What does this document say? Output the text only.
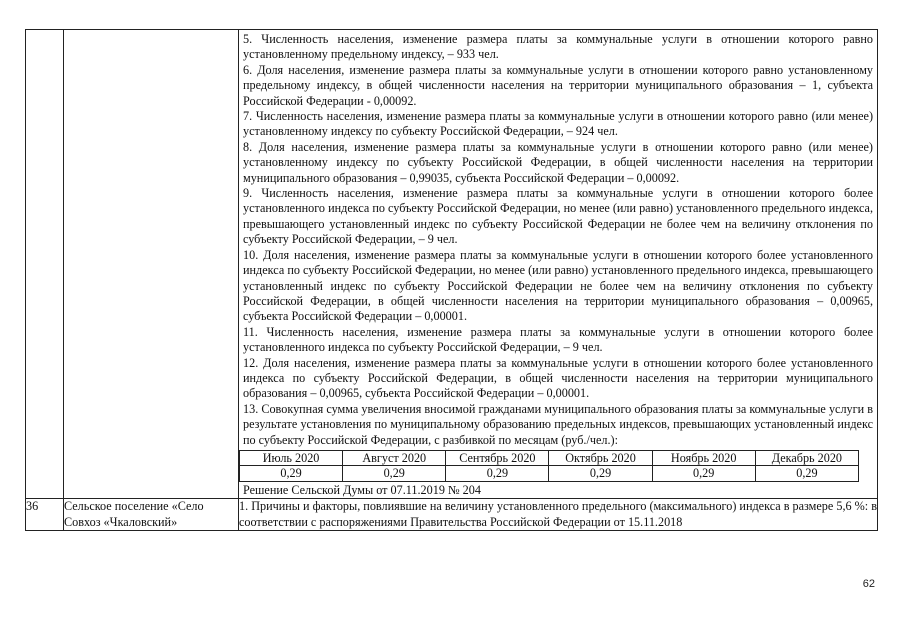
5. Численность населения, изменение размера платы за коммунальные услуги в отношении которого равно установленному предельному индексу, – 933 чел.

6. Доля населения, изменение размера платы за коммунальные услуги в отношении которого равно установленному предельному индексу, в общей численности населения на территории муниципального образования – 1, субъекта Российской Федерации - 0,00092.

7. Численность населения, изменение размера платы за коммунальные услуги в отношении которого равно (или менее) установленному индексу по субъекту Российской Федерации, – 924 чел.

8. Доля населения, изменение размера платы за коммунальные услуги в отношении которого равно (или менее) установленному индексу по субъекту Российской Федерации, в общей численности населения на территории муниципального образования – 0,99035, субъекта Российской Федерации – 0,00092.

9. Численность населения, изменение размера платы за коммунальные услуги в отношении которого более установленного индекса по субъекту Российской Федерации, но менее (или равно) установленного предельного индекса, превышающего установленный индекс по субъекту Российской Федерации не более чем на величину отклонения по субъекту Российской Федерации, – 9 чел.

10. Доля населения, изменение размера платы за коммунальные услуги в отношении которого более установленного индекса по субъекту Российской Федерации, но менее (или равно) установленного предельного индекса, превышающего установленный индекс по субъекту Российской Федерации не более чем на величину отклонения по субъекту Российской Федерации, в общей численности населения на территории муниципального образования – 0,00965, субъекта Российской Федерации – 0,00001.

11. Численность населения, изменение размера платы за коммунальные услуги в отношении которого более установленного индекса по субъекту Российской Федерации, – 9 чел.

12. Доля населения, изменение размера платы за коммунальные услуги в отношении которого более установленного индекса по субъекту Российской Федерации, в общей численности населения на территории муниципального образования – 0,00965, субъекта Российской Федерации – 0,00001.

13. Совокупная сумма увеличения вносимой гражданами муниципального образования платы за коммунальные услуги в результате установления по муниципальному образованию предельных индексов, превышающих установленный индекс по субъекту Российской Федерации, с разбивкой по месяцам (руб./чел.):

Июль 2020	Август 2020	Сентябрь 2020	Октябрь 2020	Ноябрь 2020	Декабрь 2020
0,29	0,29	0,29	0,29	0,29	0,29
Решение Сельской Думы от 07.11.2019 № 204

36	Сельское поселение «Село Совхоз «Чкаловский»	1. Причины и факторы, повлиявшие на величину установленного предельного (максимального) индекса в размере 5,6 %: в соответствии с распоряжениями Правительства Российской Федерации от 15.11.2018
62
